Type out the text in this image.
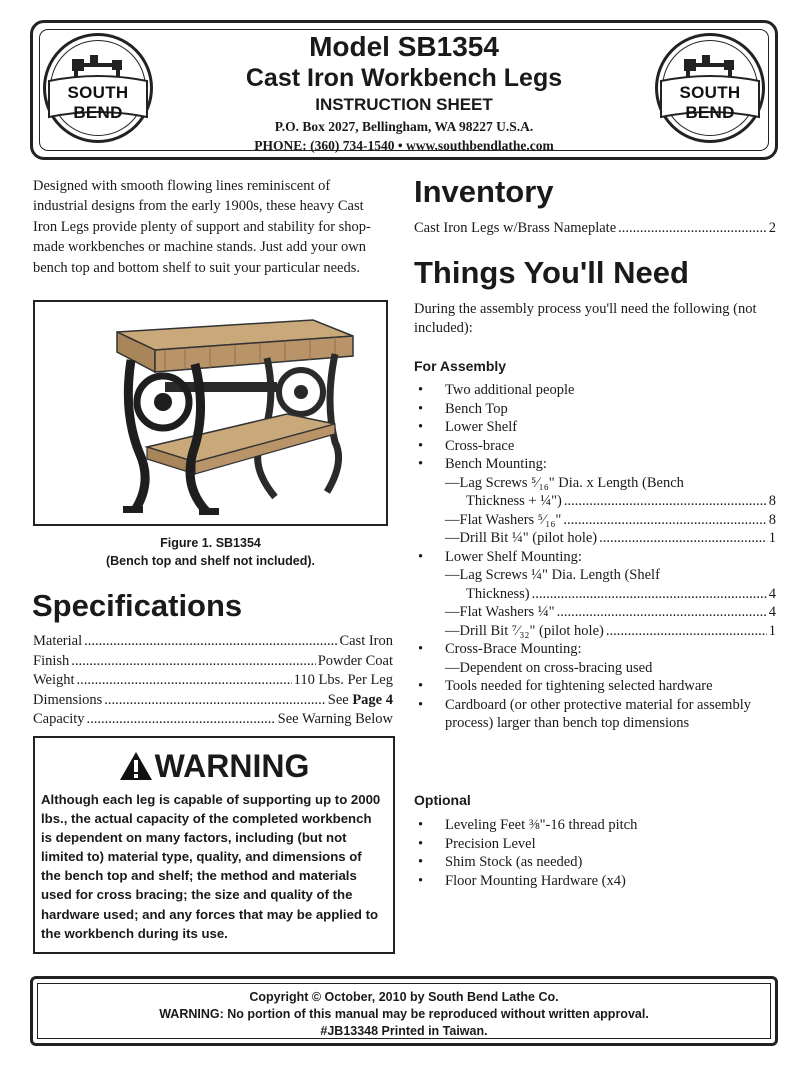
SOUTH
BEND
SOUTH
BEND
Model SB1354
Cast Iron Workbench Legs
INSTRUCTION SHEET
P.O. Box 2027, Bellingham, WA 98227 U.S.A.
PHONE: (360) 734-1540 • www.southbendlathe.com
Designed with smooth flowing lines reminiscent of industrial designs from the early 1900s, these heavy Cast Iron Legs provide plenty of support and stability for shop-made workbenches or machine stands. Just add your own bench top and bottom shelf to suit your particular needs.
Figure 1. SB1354
(Bench top and shelf not included).
Specifications
Material .....	Cast Iron
Finish .....	Powder Coat
Weight .....	110 Lbs. Per Leg
Dimensions .....	See Page 4
Capacity .....	See Warning Below
WARNING
Although each leg is capable of supporting up to 2000 lbs., the actual capacity of the completed workbench is dependent on many factors, including (but not limited to) material type, quality, and dimensions of the bench top and shelf; the method and materials used for cross bracing; the size and quality of the hardware used; and any forces that may be applied to the workbench during its use.
Inventory
Cast Iron Legs w/Brass Nameplate .....	2
Things You'll Need
During the assembly process you'll need the following (not included):
For Assembly
• Two additional people
• Bench Top
• Lower Shelf
• Cross-brace
• Bench Mounting:
—Lag Screws ⁵⁄₁₆" Dia. x Length (Bench
Thickness + ¼") .....	8
—Flat Washers ⁵⁄₁₆" .....	8
—Drill Bit ¼" (pilot hole) .....	1
• Lower Shelf Mounting:
—Lag Screws ¼" Dia. Length (Shelf
Thickness) .....	4
—Flat Washers ¼" .....	4
—Drill Bit ⁷⁄₃₂" (pilot hole) .....	1
• Cross-Brace Mounting:
—Dependent on cross-bracing used
• Tools needed for tightening selected hardware
• Cardboard (or other protective material for assembly process) larger than bench top dimensions
Optional
• Leveling Feet ⅜"-16 thread pitch
• Precision Level
• Shim Stock (as needed)
• Floor Mounting Hardware (x4)
Copyright © October, 2010 by South Bend Lathe Co.
WARNING: No portion of this manual may be reproduced without written approval.
#JB13348 Printed in Taiwan.
